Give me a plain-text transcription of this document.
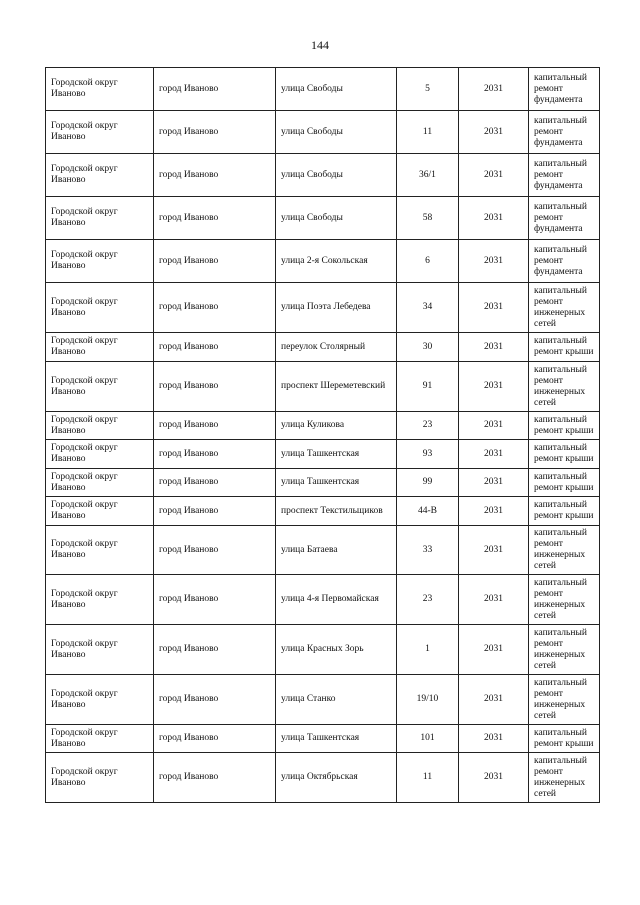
144
Городской округ Иваново	город Иваново	улица Свободы	5	2031	капитальный ремонт фундамента
Городской округ Иваново	город Иваново	улица Свободы	11	2031	капитальный ремонт фундамента
Городской округ Иваново	город Иваново	улица Свободы	36/1	2031	капитальный ремонт фундамента
Городской округ Иваново	город Иваново	улица Свободы	58	2031	капитальный ремонт фундамента
Городской округ Иваново	город Иваново	улица 2-я Сокольская	6	2031	капитальный ремонт фундамента
Городской округ Иваново	город Иваново	улица Поэта Лебедева	34	2031	капитальный ремонт инженерных сетей
Городской округ Иваново	город Иваново	переулок Столярный	30	2031	капитальный ремонт крыши
Городской округ Иваново	город Иваново	проспект Шереметевский	91	2031	капитальный ремонт инженерных сетей
Городской округ Иваново	город Иваново	улица Куликова	23	2031	капитальный ремонт крыши
Городской округ Иваново	город Иваново	улица Ташкентская	93	2031	капитальный ремонт крыши
Городской округ Иваново	город Иваново	улица Ташкентская	99	2031	капитальный ремонт крыши
Городской округ Иваново	город Иваново	проспект Текстильщиков	44-В	2031	капитальный ремонт крыши
Городской округ Иваново	город Иваново	улица Батаева	33	2031	капитальный ремонт инженерных сетей
Городской округ Иваново	город Иваново	улица 4-я Первомайская	23	2031	капитальный ремонт инженерных сетей
Городской округ Иваново	город Иваново	улица Красных Зорь	1	2031	капитальный ремонт инженерных сетей
Городской округ Иваново	город Иваново	улица Станко	19/10	2031	капитальный ремонт инженерных сетей
Городской округ Иваново	город Иваново	улица Ташкентская	101	2031	капитальный ремонт крыши
Городской округ Иваново	город Иваново	улица Октябрьская	11	2031	капитальный ремонт инженерных сетей
